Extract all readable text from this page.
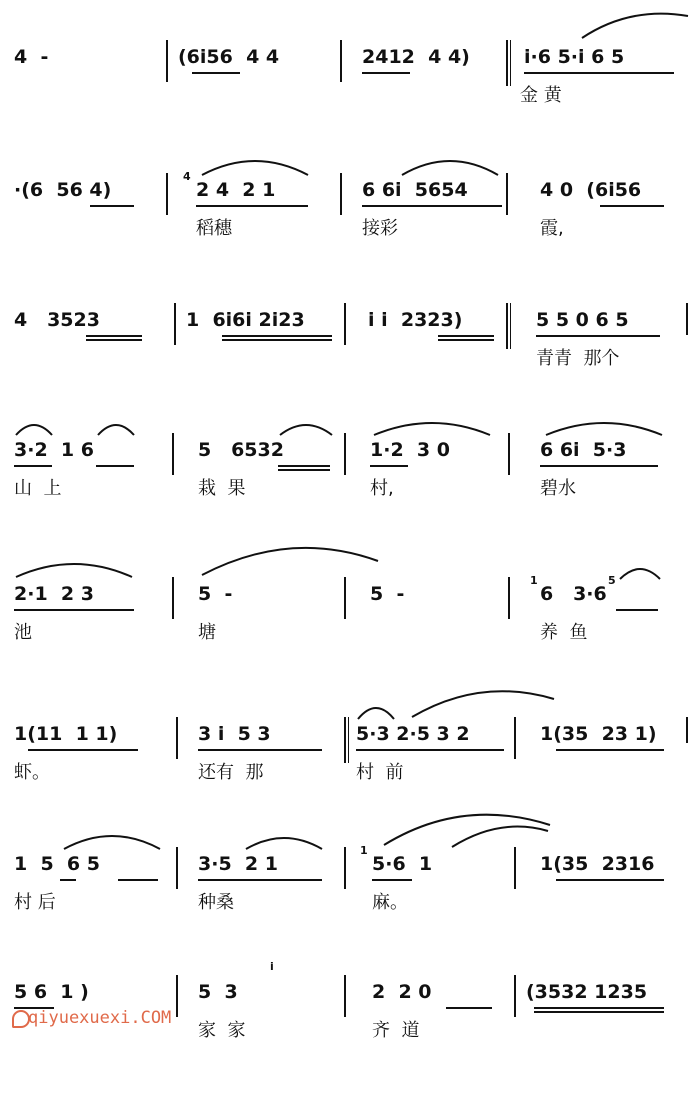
4  ‑	(6i56  4 4	2412  4 4)	i·6 5·i 6 5
金 黄
·(6  56 4)
4
2 4  2 1
稻穗
6 6i  5654
接彩
4 0  (6i56
霞,
4   3523	1  6i6i 2i23	i i  2323)	5 5 0 6 5
青青  那个
3·2  1 6
山  上
5   6532
栽  果
1·2  3 0
村,
6 6i  5·3
碧水
2·1  2 3
池
5  ‑
塘
5  ‑
1	5
6   3·6
养  鱼
1(11  1 1)
虾。
3 i  5 3
还有  那
5·3 2·5 3 2
村  前
1(35  23 1)
1  5  6 5
村 后
3·5  2 1
种桑
1
5·6  1
麻。
1(35  2316
5 6  1 )
i
5  3
家  家
2  2 0
齐  道
(3532 1235
qiyuexuexi.COM
